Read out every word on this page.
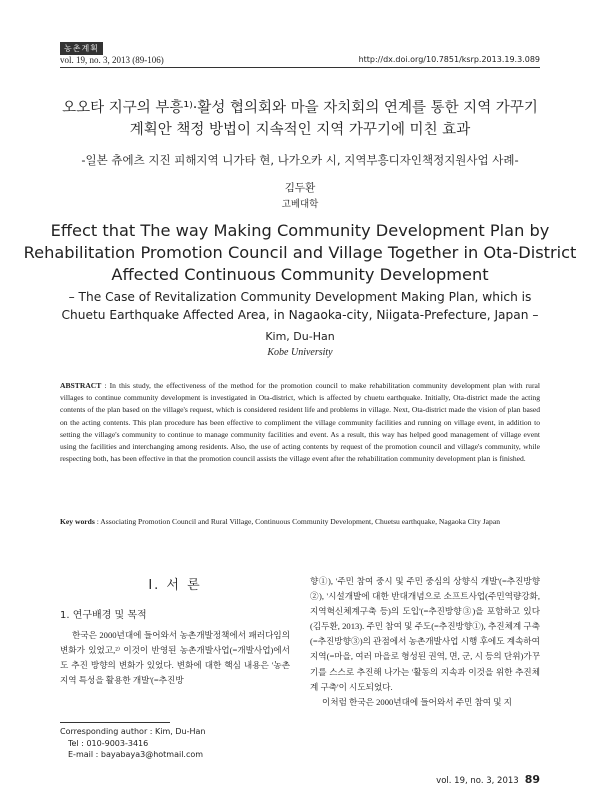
농촌계획
vol. 19, no. 3, 2013 (89-106)	http://dx.doi.org/10.7851/ksrp.2013.19.3.089
오오타 지구의 부흥¹⁾·활성 협의회와 마을 자치회의 연계를 통한 지역 가꾸기
계획안 책정 방법이 지속적인 지역 가꾸기에 미친 효과
-일본 츄에츠 지진 피해지역 니가타 현, 나가오카 시, 지역부흥디자인책정지원사업 사례-
김두환
고베대학
Effect that The way Making Community Development Plan by
Rehabilitation Promotion Council and Village Together in Ota-District
Affected Continuous Community Development
– The Case of Revitalization Community Development Making Plan, which is
Chuetu Earthquake Affected Area, in Nagaoka-city, Niigata-Prefecture, Japan –
Kim, Du-Han
Kobe University
ABSTRACT : In this study, the effectiveness of the method for the promotion council to make rehabilitation community development plan with rural villages to continue community development is investigated in Ota-district, which is affected by chuetu earthquake. Initially, Ota-district made the acting contents of the plan based on the village's request, which is considered resident life and problems in village. Next, Ota-district made the vision of plan based on the acting contents. This plan procedure has been effective to compliment the village community facilities and running on village event, in addition to setting the village's community to continue to manage community facilities and event. As a result, this way has helped good management of village event using the facilities and interchanging among residents. Also, the use of acting contents by request of the promotion council and village's community, while respecting both, has been effective in that the promotion council assists the village event after the rehabilitation community development plan is finished.
Key words : Associating Promotion Council and Rural Village, Continuous Community Development, Chuetsu earthquake, Nagaoka City Japan
I. 서 론
1. 연구배경 및 목적
한국은 2000년대에 들어와서 농촌개발정책에서 패러다임의 변화가 있었고,²⁾ 이것이 반영된 농촌개발사업(=개발사업)에서도 추진 방향의 변화가 있었다. 변화에 대한 핵심 내용은 '농촌지역 특성을 활용한 개발'(=추진방
향①), '주민 참여 중시 및 주민 중심의 상향식 개발'(=추진방향②), '시설개발에 대한 반대개념으로 소프트사업(주민역량강화, 지역혁신체계구축 등)의 도입'(=추진방향③)을 포함하고 있다(김두환, 2013). 주민 참여 및 주도(=추진방향①), 추진체계 구축(=추진방향③)의 관점에서 농촌개발사업 시행 후에도 계속하여 지역(=마을, 여러 마을로 형성된 권역, 면, 군, 시 등의 단위)가꾸기를 스스로 추진해 나가는 '활동의 지속과 이것을 위한 추진체계 구축'이 시도되었다.
이처럼 한국은 2000년대에 들어와서 주민 참여 및 지
Corresponding author : Kim, Du-Han
Tel : 010-9003-3416
E-mail : bayabaya3@hotmail.com
vol. 19, no. 3, 2013 89
